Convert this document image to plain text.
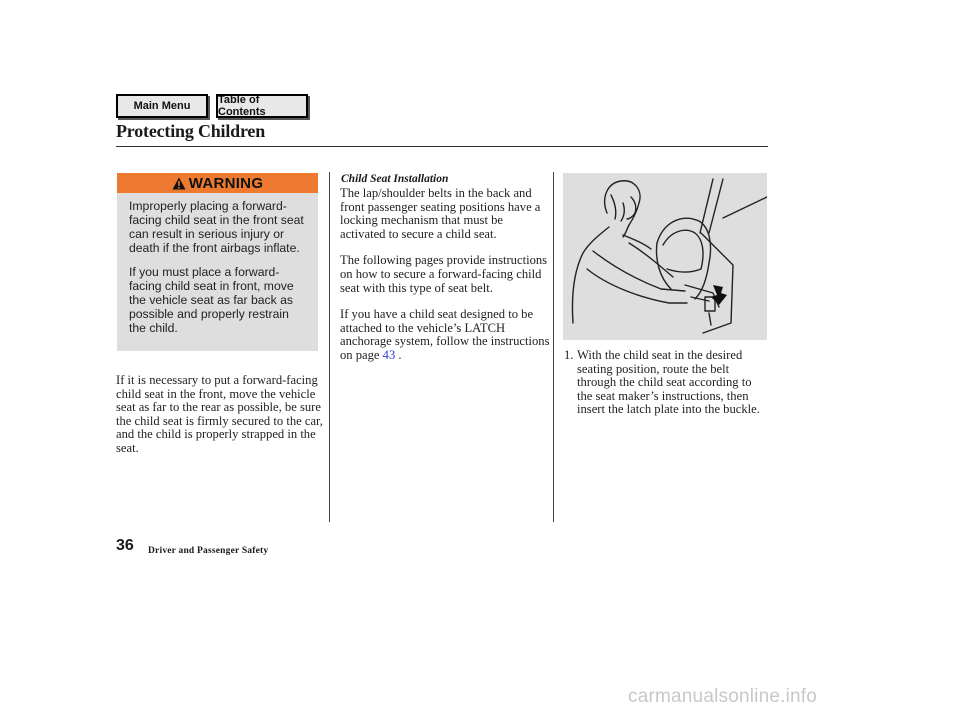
Main Menu	Table of Contents
Protecting Children
WARNING

Improperly placing a forward-facing child seat in the front seat can result in serious injury or death if the front airbags inflate.

If you must place a forward-facing child seat in front, move the vehicle seat as far back as possible and properly restrain the child.

If it is necessary to put a forward-facing child seat in the front, move the vehicle seat as far to the rear as possible, be sure the child seat is firmly secured to the car, and the child is properly strapped in the seat.

Child Seat Installation

The lap/shoulder belts in the back and front passenger seating positions have a locking mechanism that must be activated to secure a child seat.

The following pages provide instructions on how to secure a forward-facing child seat with this type of seat belt.

If you have a child seat designed to be attached to the vehicle’s LATCH anchorage system, follow the instructions on page 43 .	1. With the child seat in the desired seating position, route the belt through the child seat according to the seat maker’s instructions, then insert the latch plate into the buckle.
36 Driver and Passenger Safety
carmanualsonline.info
